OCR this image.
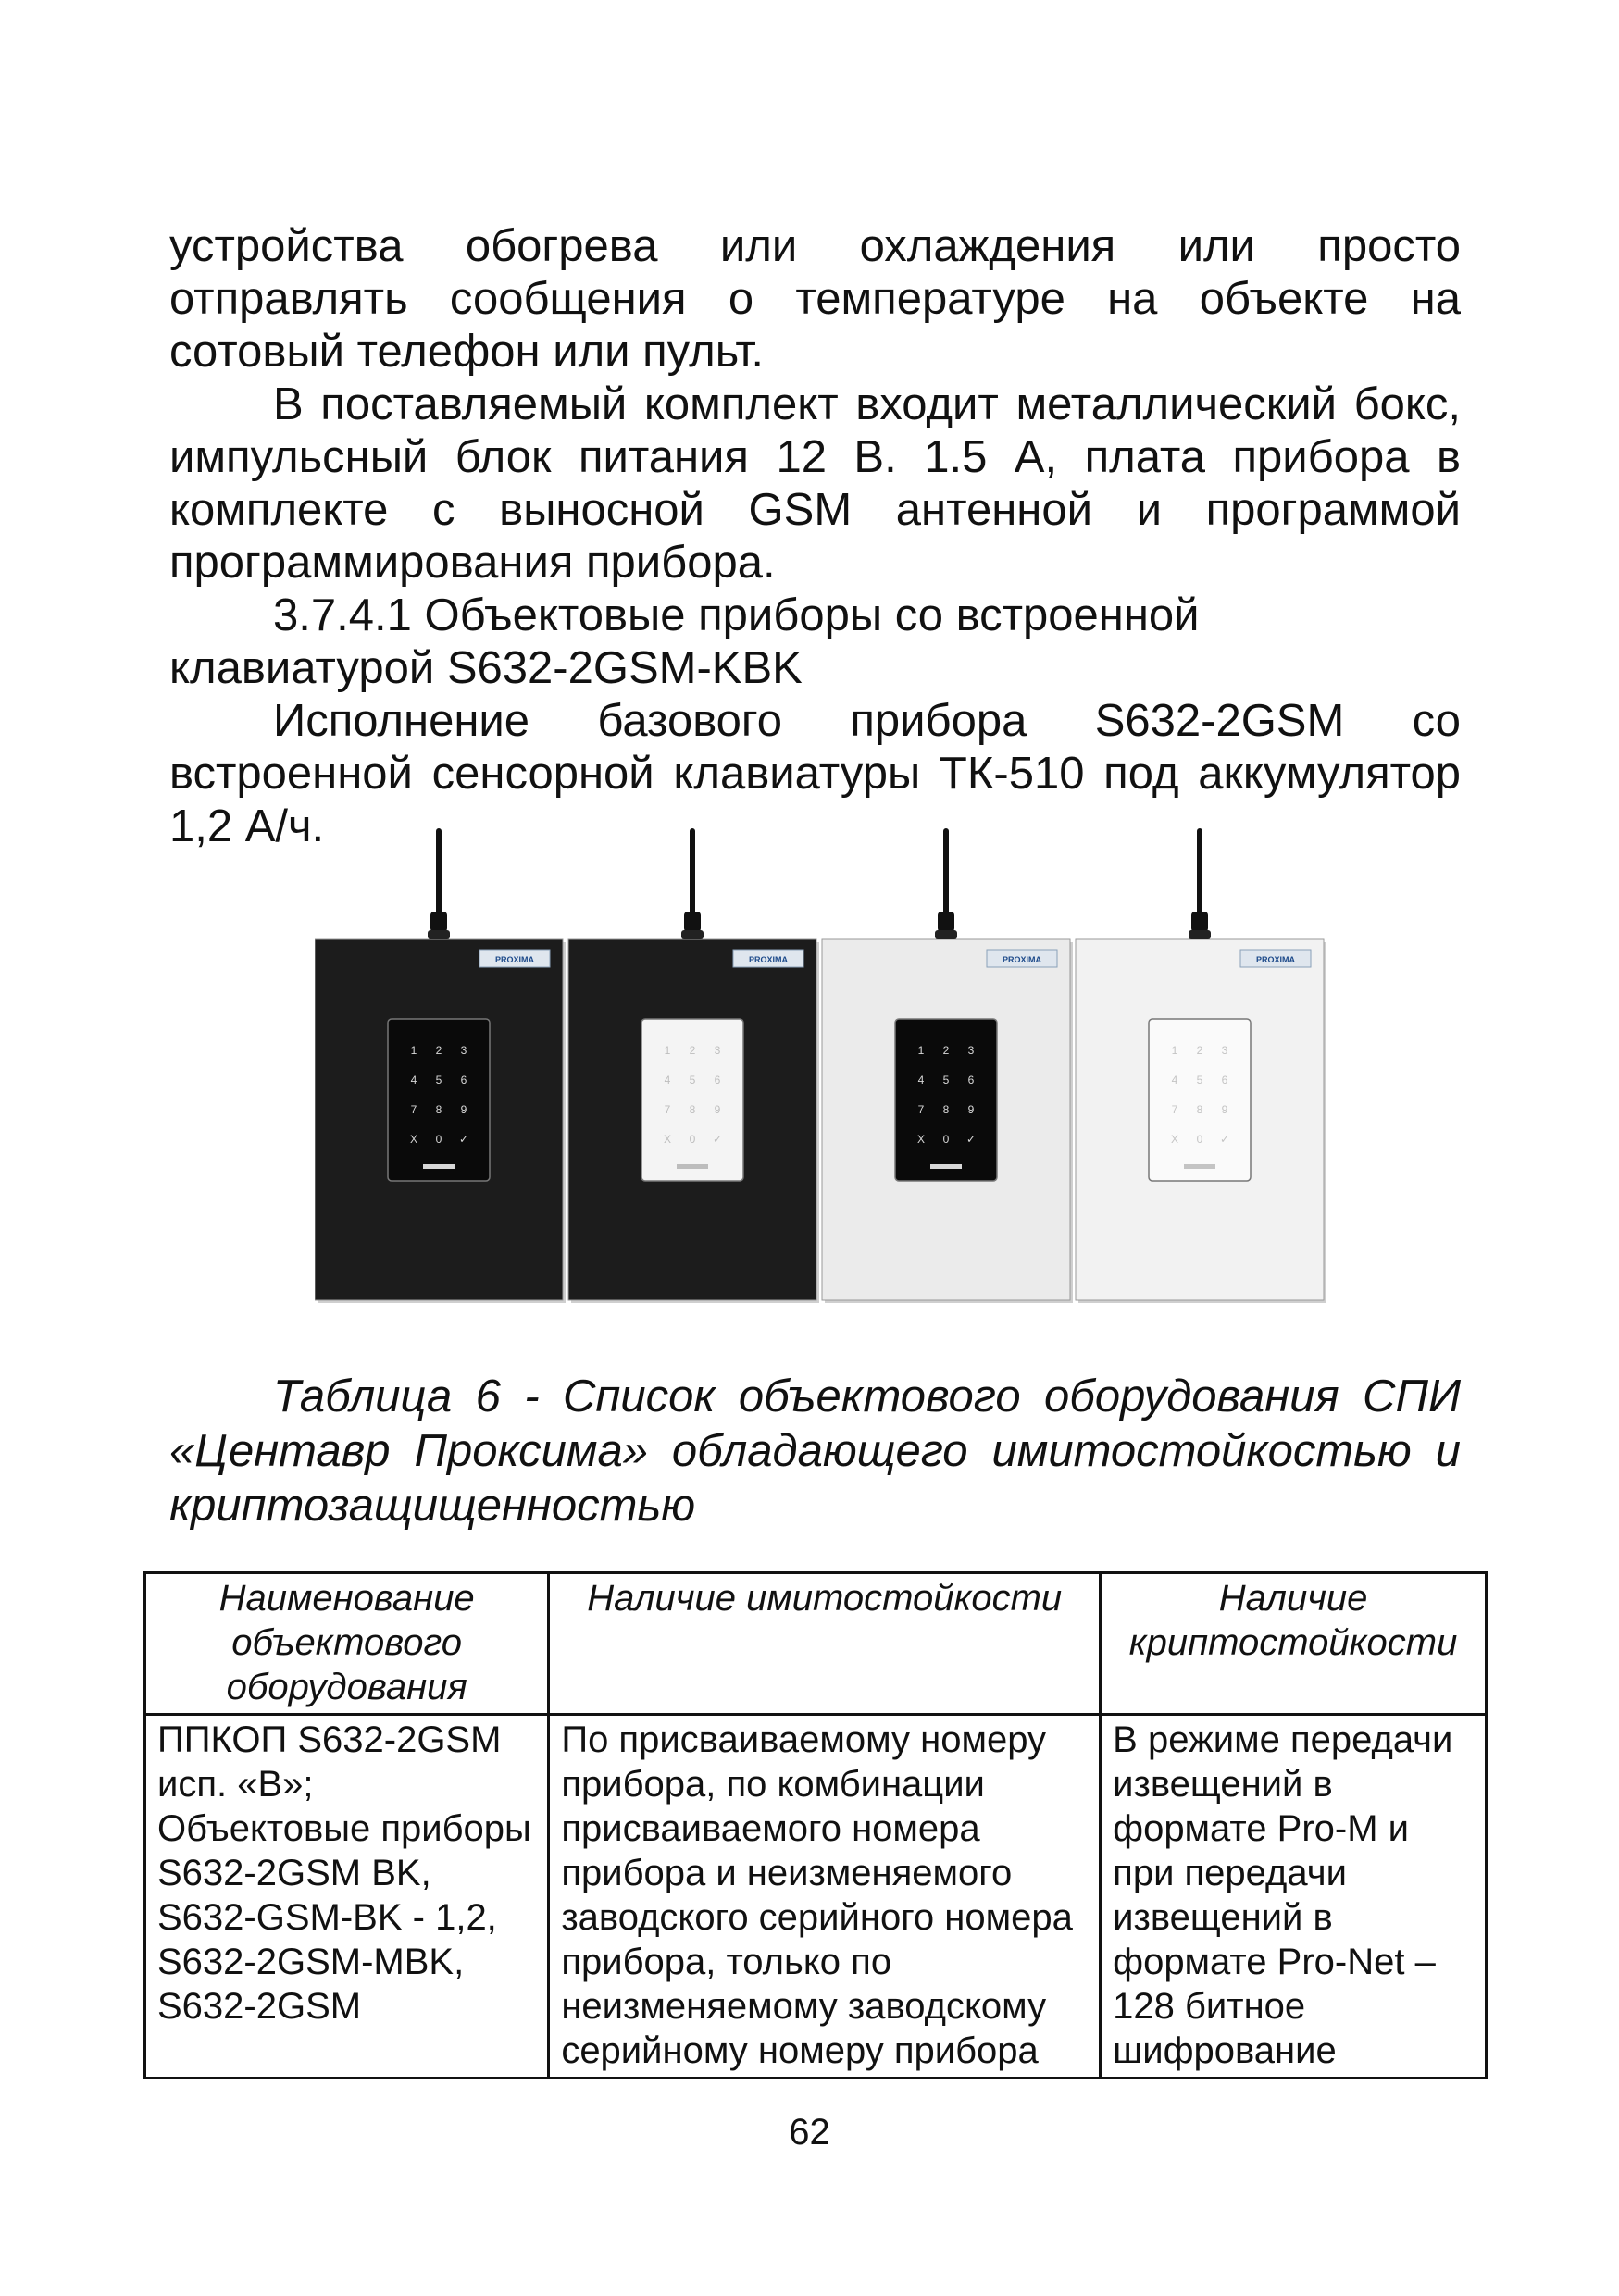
устройства обогрева или охлаждения или просто отправлять сообщения о температуре на объекте на сотовый телефон или пульт.

В поставляемый комплект входит металлический бокс, импульсный блок питания 12 В. 1.5 А, плата прибора в комплекте с выносной GSM антенной и программой программирования прибора.

3.7.4.1 Объектовые приборы со встроенной клавиатурой S632-2GSM-KBK

Исполнение базового прибора S632-2GSM со встроенной сенсорной клавиатуры ТК-510 под аккумулятор 1,2 А/ч.

PROXIMA
1 2 3
4 5 6
7 8 9
X 0 ✓
PROXIMA
1 2 3
4 5 6
7 8 9
X 0 ✓
PROXIMA
1 2 3
4 5 6
7 8 9
X 0 ✓
PROXIMA
1 2 3
4 5 6
7 8 9
X 0 ✓

Таблица 6 - Список объектового оборудования СПИ «Центавр Проксима» обладающего имитостойкостью и криптозащищенностью

Наименование объектового оборудования	Наличие имитостойкости	Наличие криптостойкости
ППКОП S632-2GSM исп. «В»; Объектовые приборы S632-2GSM BK, S632-GSM-BK - 1,2, S632-2GSM-MBK, S632-2GSM	По присваиваемому номеру прибора, по комбинации присваиваемого номера прибора и неизменяемого заводского серийного номера прибора, только по неизменяемому заводскому серийному номеру прибора	В режиме передачи извещений в формате Pro-M и при передачи извещений в формате Pro-Net – 128 битное шифрование

62
